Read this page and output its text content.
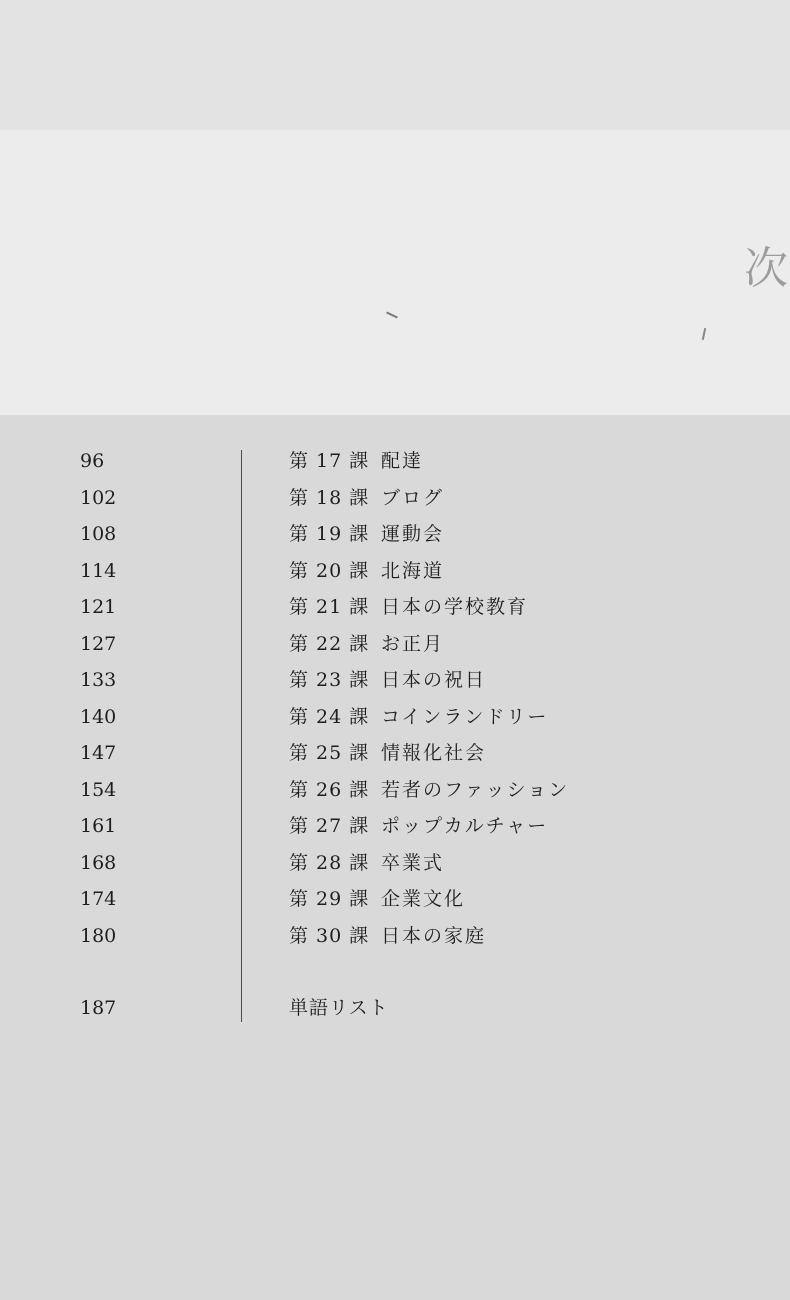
次
96	第 17 課 配達
102	第 18 課 ブログ
108	第 19 課 運動会
114	第 20 課 北海道
121	第 21 課 日本の学校教育
127	第 22 課 お正月
133	第 23 課 日本の祝日
140	第 24 課 コインランドリー
147	第 25 課 情報化社会
154	第 26 課 若者のファッション
161	第 27 課 ポップカルチャー
168	第 28 課 卒業式
174	第 29 課 企業文化
180	第 30 課 日本の家庭
187	単語リスト
